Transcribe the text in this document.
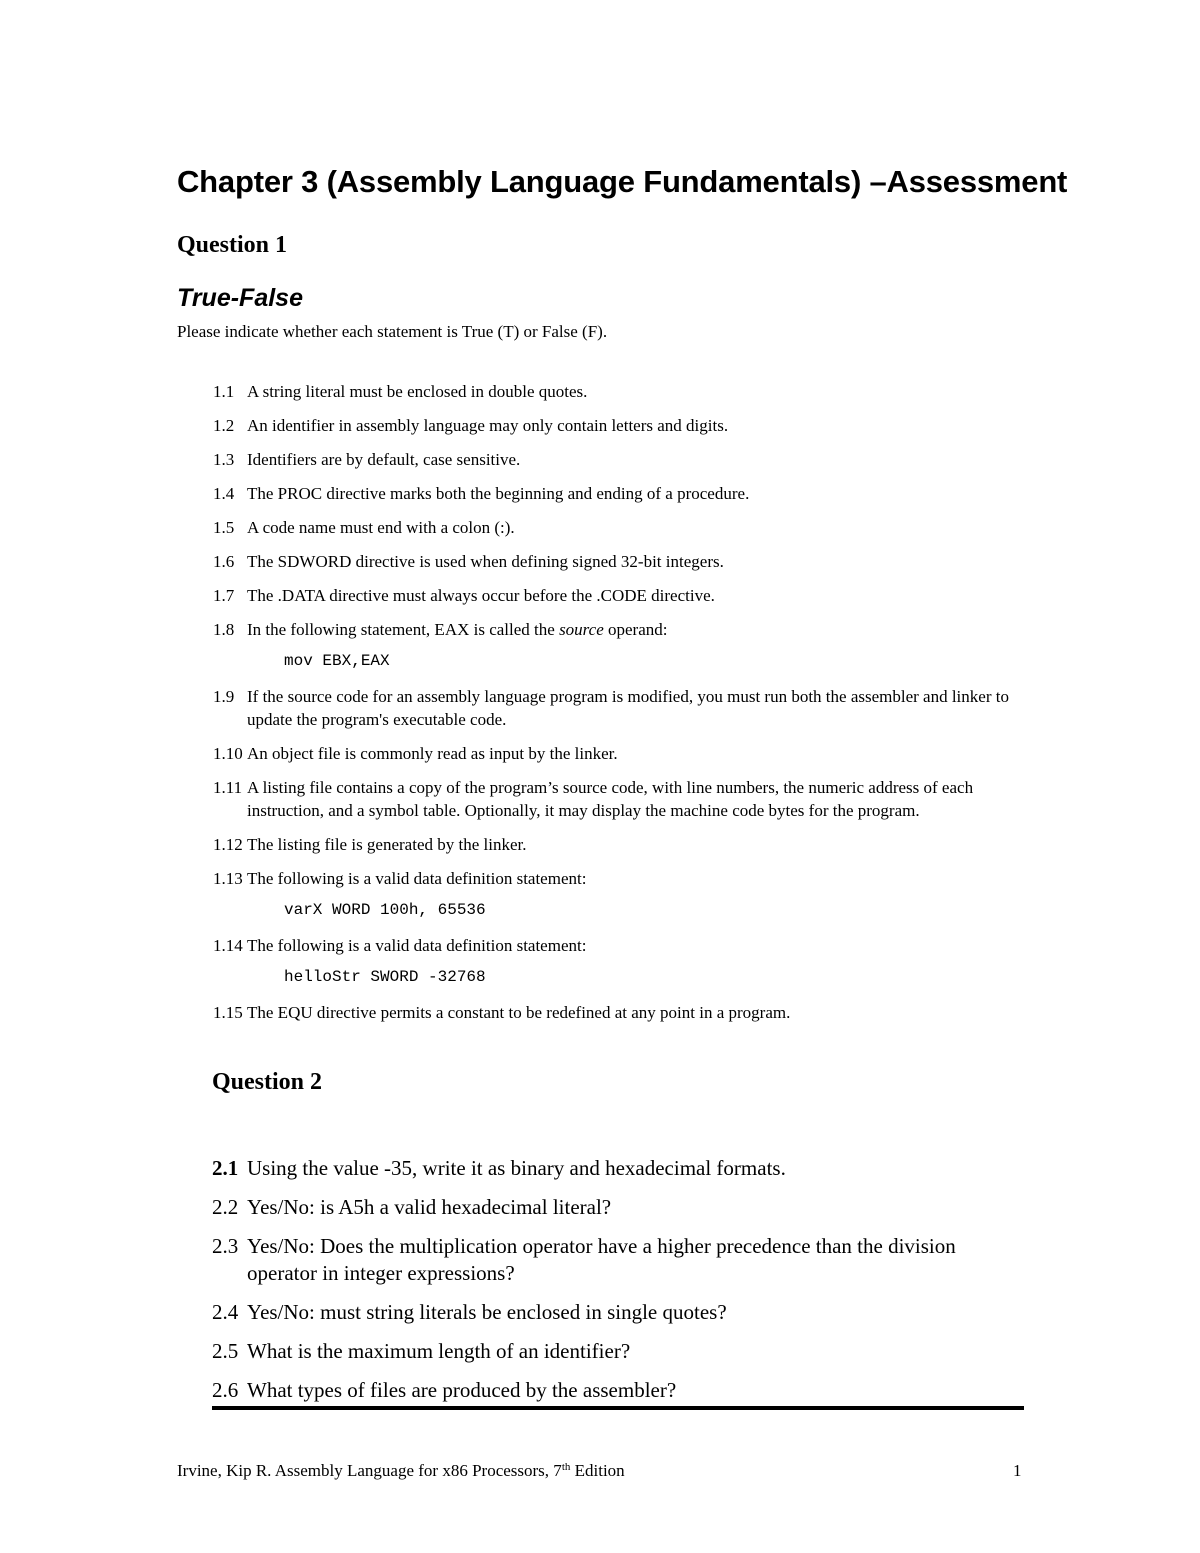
Chapter 3 (Assembly Language Fundamentals) –Assessment
Question 1
True-False

Please indicate whether each statement is True (T) or False (F).

1.1 A string literal must be enclosed in double quotes.
1.2 An identifier in assembly language may only contain letters and digits.
1.3 Identifiers are by default, case sensitive.
1.4 The PROC directive marks both the beginning and ending of a procedure.
1.5 A code name must end with a colon (:).
1.6 The SDWORD directive is used when defining signed 32-bit integers.
1.7 The .DATA directive must always occur before the .CODE directive.
1.8 In the following statement, EAX is called the source operand:
mov EBX,EAX
1.9 If the source code for an assembly language program is modified, you must run both the assembler and linker to update the program's executable code.
1.10 An object file is commonly read as input by the linker.
1.11 A listing file contains a copy of the program’s source code, with line numbers, the numeric address of each instruction, and a symbol table. Optionally, it may display the machine code bytes for the program.
1.12 The listing file is generated by the linker.
1.13 The following is a valid data definition statement:
varX WORD 100h, 65536
1.14 The following is a valid data definition statement:
helloStr SWORD -32768
1.15 The EQU directive permits a constant to be redefined at any point in a program.
Question 2
2.1 Using the value -35, write it as binary and hexadecimal formats.
2.2 Yes/No: is A5h a valid hexadecimal literal?
2.3 Yes/No: Does the multiplication operator have a higher precedence than the division operator in integer expressions?
2.4 Yes/No: must string literals be enclosed in single quotes?
2.5 What is the maximum length of an identifier?
2.6 What types of files are produced by the assembler?
Irvine, Kip R. Assembly Language for x86 Processors, 7th Edition	1
